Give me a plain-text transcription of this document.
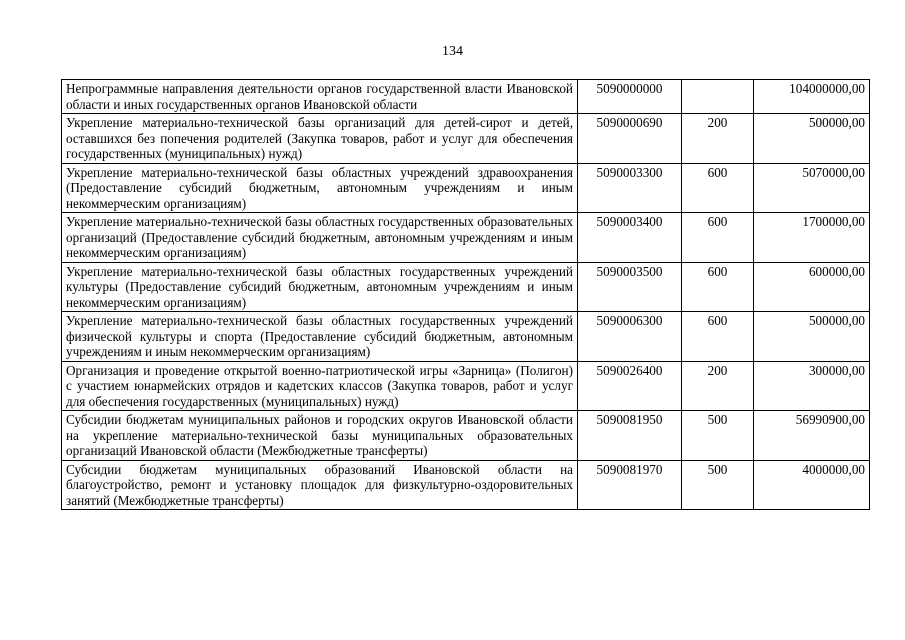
134
Непрограммные направления деятельности органов государственной власти Ивановской области и иных государственных органов Ивановской области	5090000000		104000000,00
Укрепление материально-технической базы организаций для детей-сирот и детей, оставшихся без попечения родителей (Закупка товаров, работ и услуг для обеспечения государственных (муниципальных) нужд)	5090000690	200	500000,00
Укрепление материально-технической базы областных учреждений здравоохранения (Предоставление субсидий бюджетным, автономным учреждениям и иным некоммерческим организациям)	5090003300	600	5070000,00
Укрепление материально-технической базы областных государственных образовательных организаций (Предоставление субсидий бюджетным, автономным учреждениям и иным некоммерческим организациям)	5090003400	600	1700000,00
Укрепление материально-технической базы областных государственных учреждений культуры (Предоставление субсидий бюджетным, автономным учреждениям и иным некоммерческим организациям)	5090003500	600	600000,00
Укрепление материально-технической базы областных государственных учреждений физической культуры и спорта (Предоставление субсидий бюджетным, автономным учреждениям и иным некоммерческим организациям)	5090006300	600	500000,00
Организация и проведение открытой военно-патриотической игры «Зарница» (Полигон) с участием юнармейских отрядов и кадетских классов (Закупка товаров, работ и услуг для обеспечения государственных (муниципальных) нужд)	5090026400	200	300000,00
Субсидии бюджетам муниципальных районов и городских округов Ивановской области на укрепление материально-технической базы муниципальных образовательных организаций Ивановской области (Межбюджетные трансферты)	5090081950	500	56990900,00
Субсидии бюджетам муниципальных образований Ивановской области на благоустройство, ремонт и установку площадок для физкультурно-оздоровительных занятий (Межбюджетные трансферты)	5090081970	500	4000000,00
